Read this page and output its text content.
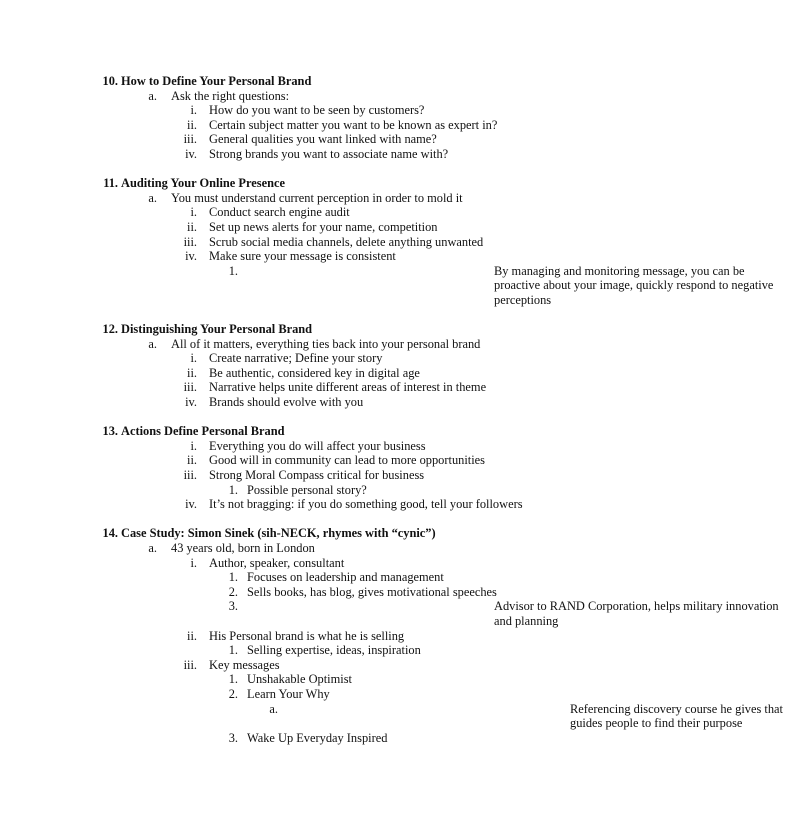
10. How to Define Your Personal Brand
a. Ask the right questions:
i. How do you want to be seen by customers?
ii. Certain subject matter you want to be known as expert in?
iii. General qualities you want linked with name?
iv. Strong brands you want to associate name with?
11. Auditing Your Online Presence
a. You must understand current perception in order to mold it
i. Conduct search engine audit
ii. Set up news alerts for your name, competition
iii. Scrub social media channels, delete anything unwanted
iv. Make sure your message is consistent
1.	By managing and monitoring message, you can be proactive about your image, quickly respond to negative perceptions
12. Distinguishing Your Personal Brand
a. All of it matters, everything ties back into your personal brand
i. Create narrative; Define your story
ii. Be authentic, considered key in digital age
iii. Narrative helps unite different areas of interest in theme
iv. Brands should evolve with you
13. Actions Define Personal Brand
i. Everything you do will affect your business
ii. Good will in community can lead to more opportunities
iii. Strong Moral Compass critical for business
1. Possible personal story?
iv. It’s not bragging: if you do something good, tell your followers
14. Case Study: Simon Sinek (sih-NECK, rhymes with “cynic”)
a. 43 years old, born in London
i. Author, speaker, consultant
1. Focuses on leadership and management
2. Sells books, has blog, gives motivational speeches
3.	Advisor to RAND Corporation, helps military innovation and planning
ii. His Personal brand is what he is selling
1. Selling expertise, ideas, inspiration
iii. Key messages
1. Unshakable Optimist
2. Learn Your Why
a.	Referencing discovery course he gives that guides people to find their purpose
3. Wake Up Everyday Inspired
